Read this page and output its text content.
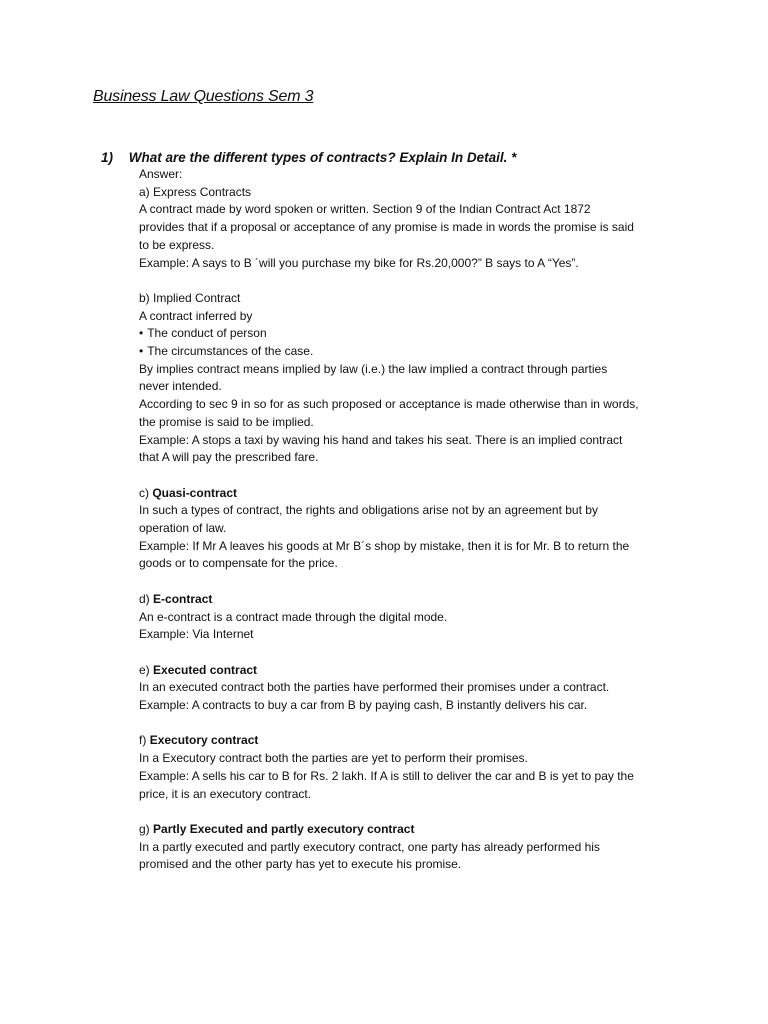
Business Law Questions Sem 3
1) What are the different types of contracts? Explain In Detail. *

Answer:

a) Express Contracts

A contract made by word spoken or written. Section 9 of the Indian Contract Act 1872

provides that if a proposal or acceptance of any promise is made in words the promise is said

to be express.

Example: A says to B ´will you purchase my bike for Rs.20,000?” B says to A “Yes”.

b) Implied Contract

A contract inferred by

• The conduct of person

• The circumstances of the case.

By implies contract means implied by law (i.e.) the law implied a contract through parties

never intended.

According to sec 9 in so for as such proposed or acceptance is made otherwise than in words,

the promise is said to be implied.

Example: A stops a taxi by waving his hand and takes his seat. There is an implied contract

that A will pay the prescribed fare.

c) Quasi-contract

In such a types of contract, the rights and obligations arise not by an agreement but by

operation of law.

Example: If Mr A leaves his goods at Mr B´s shop by mistake, then it is for Mr. B to return the

goods or to compensate for the price.

d) E-contract

An e-contract is a contract made through the digital mode.

Example: Via Internet

e) Executed contract

In an executed contract both the parties have performed their promises under a contract.

Example: A contracts to buy a car from B by paying cash, B instantly delivers his car.

f) Executory contract

In a Executory contract both the parties are yet to perform their promises.

Example: A sells his car to B for Rs. 2 lakh. If A is still to deliver the car and B is yet to pay the

price, it is an executory contract.

g) Partly Executed and partly executory contract

In a partly executed and partly executory contract, one party has already performed his

promised and the other party has yet to execute his promise.
